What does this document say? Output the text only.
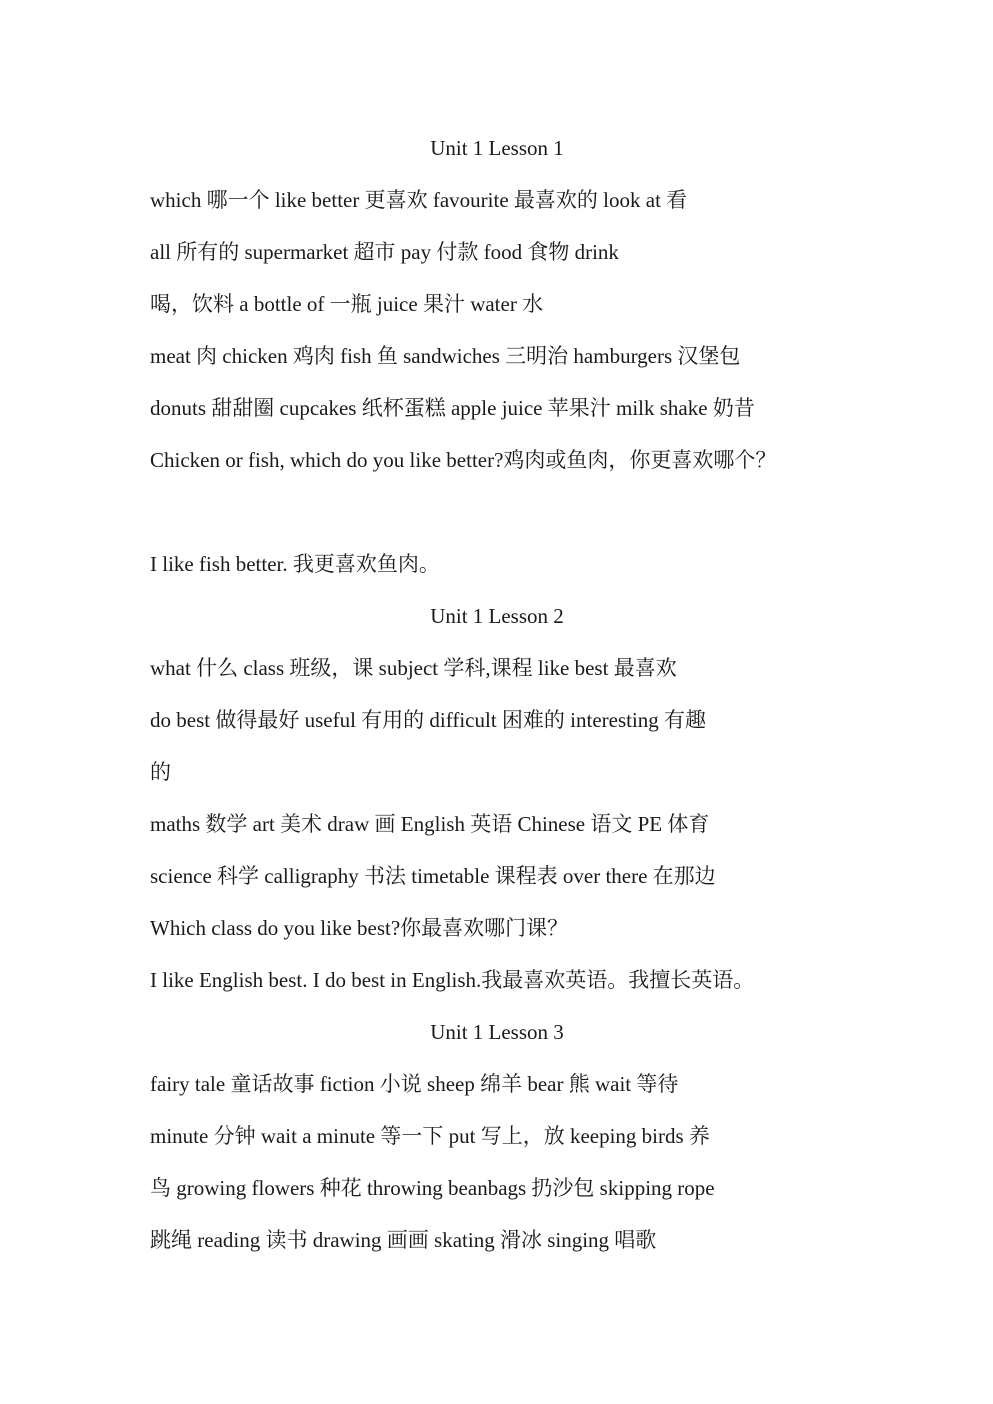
Unit 1 Lesson 1
which 哪一个 like better 更喜欢 favourite 最喜欢的 look at 看
all 所有的 supermarket 超市 pay 付款 food 食物 drink
喝，饮料 a bottle of 一瓶 juice 果汁 water 水
meat 肉 chicken 鸡肉 fish 鱼 sandwiches 三明治 hamburgers 汉堡包
donuts 甜甜圈 cupcakes 纸杯蛋糕 apple juice 苹果汁 milk shake 奶昔
Chicken or fish, which do you like better?鸡肉或鱼肉，你更喜欢哪个？
I like fish better. 我更喜欢鱼肉。
Unit 1 Lesson 2
what 什么 class 班级，课 subject 学科,课程 like best 最喜欢
do best 做得最好 useful 有用的 difficult 困难的 interesting 有趣
的
maths 数学 art 美术 draw 画 English 英语 Chinese 语文 PE 体育
science 科学 calligraphy 书法 timetable 课程表 over there 在那边
Which class do you like best?你最喜欢哪门课？
I like English best. I do best in English.我最喜欢英语。我擅长英语。
Unit 1 Lesson 3
fairy tale 童话故事 fiction 小说 sheep 绵羊 bear 熊 wait 等待
minute 分钟 wait a minute 等一下 put 写上，放 keeping birds 养
鸟 growing flowers 种花 throwing beanbags 扔沙包 skipping rope
跳绳 reading 读书 drawing 画画 skating 滑冰 singing 唱歌
